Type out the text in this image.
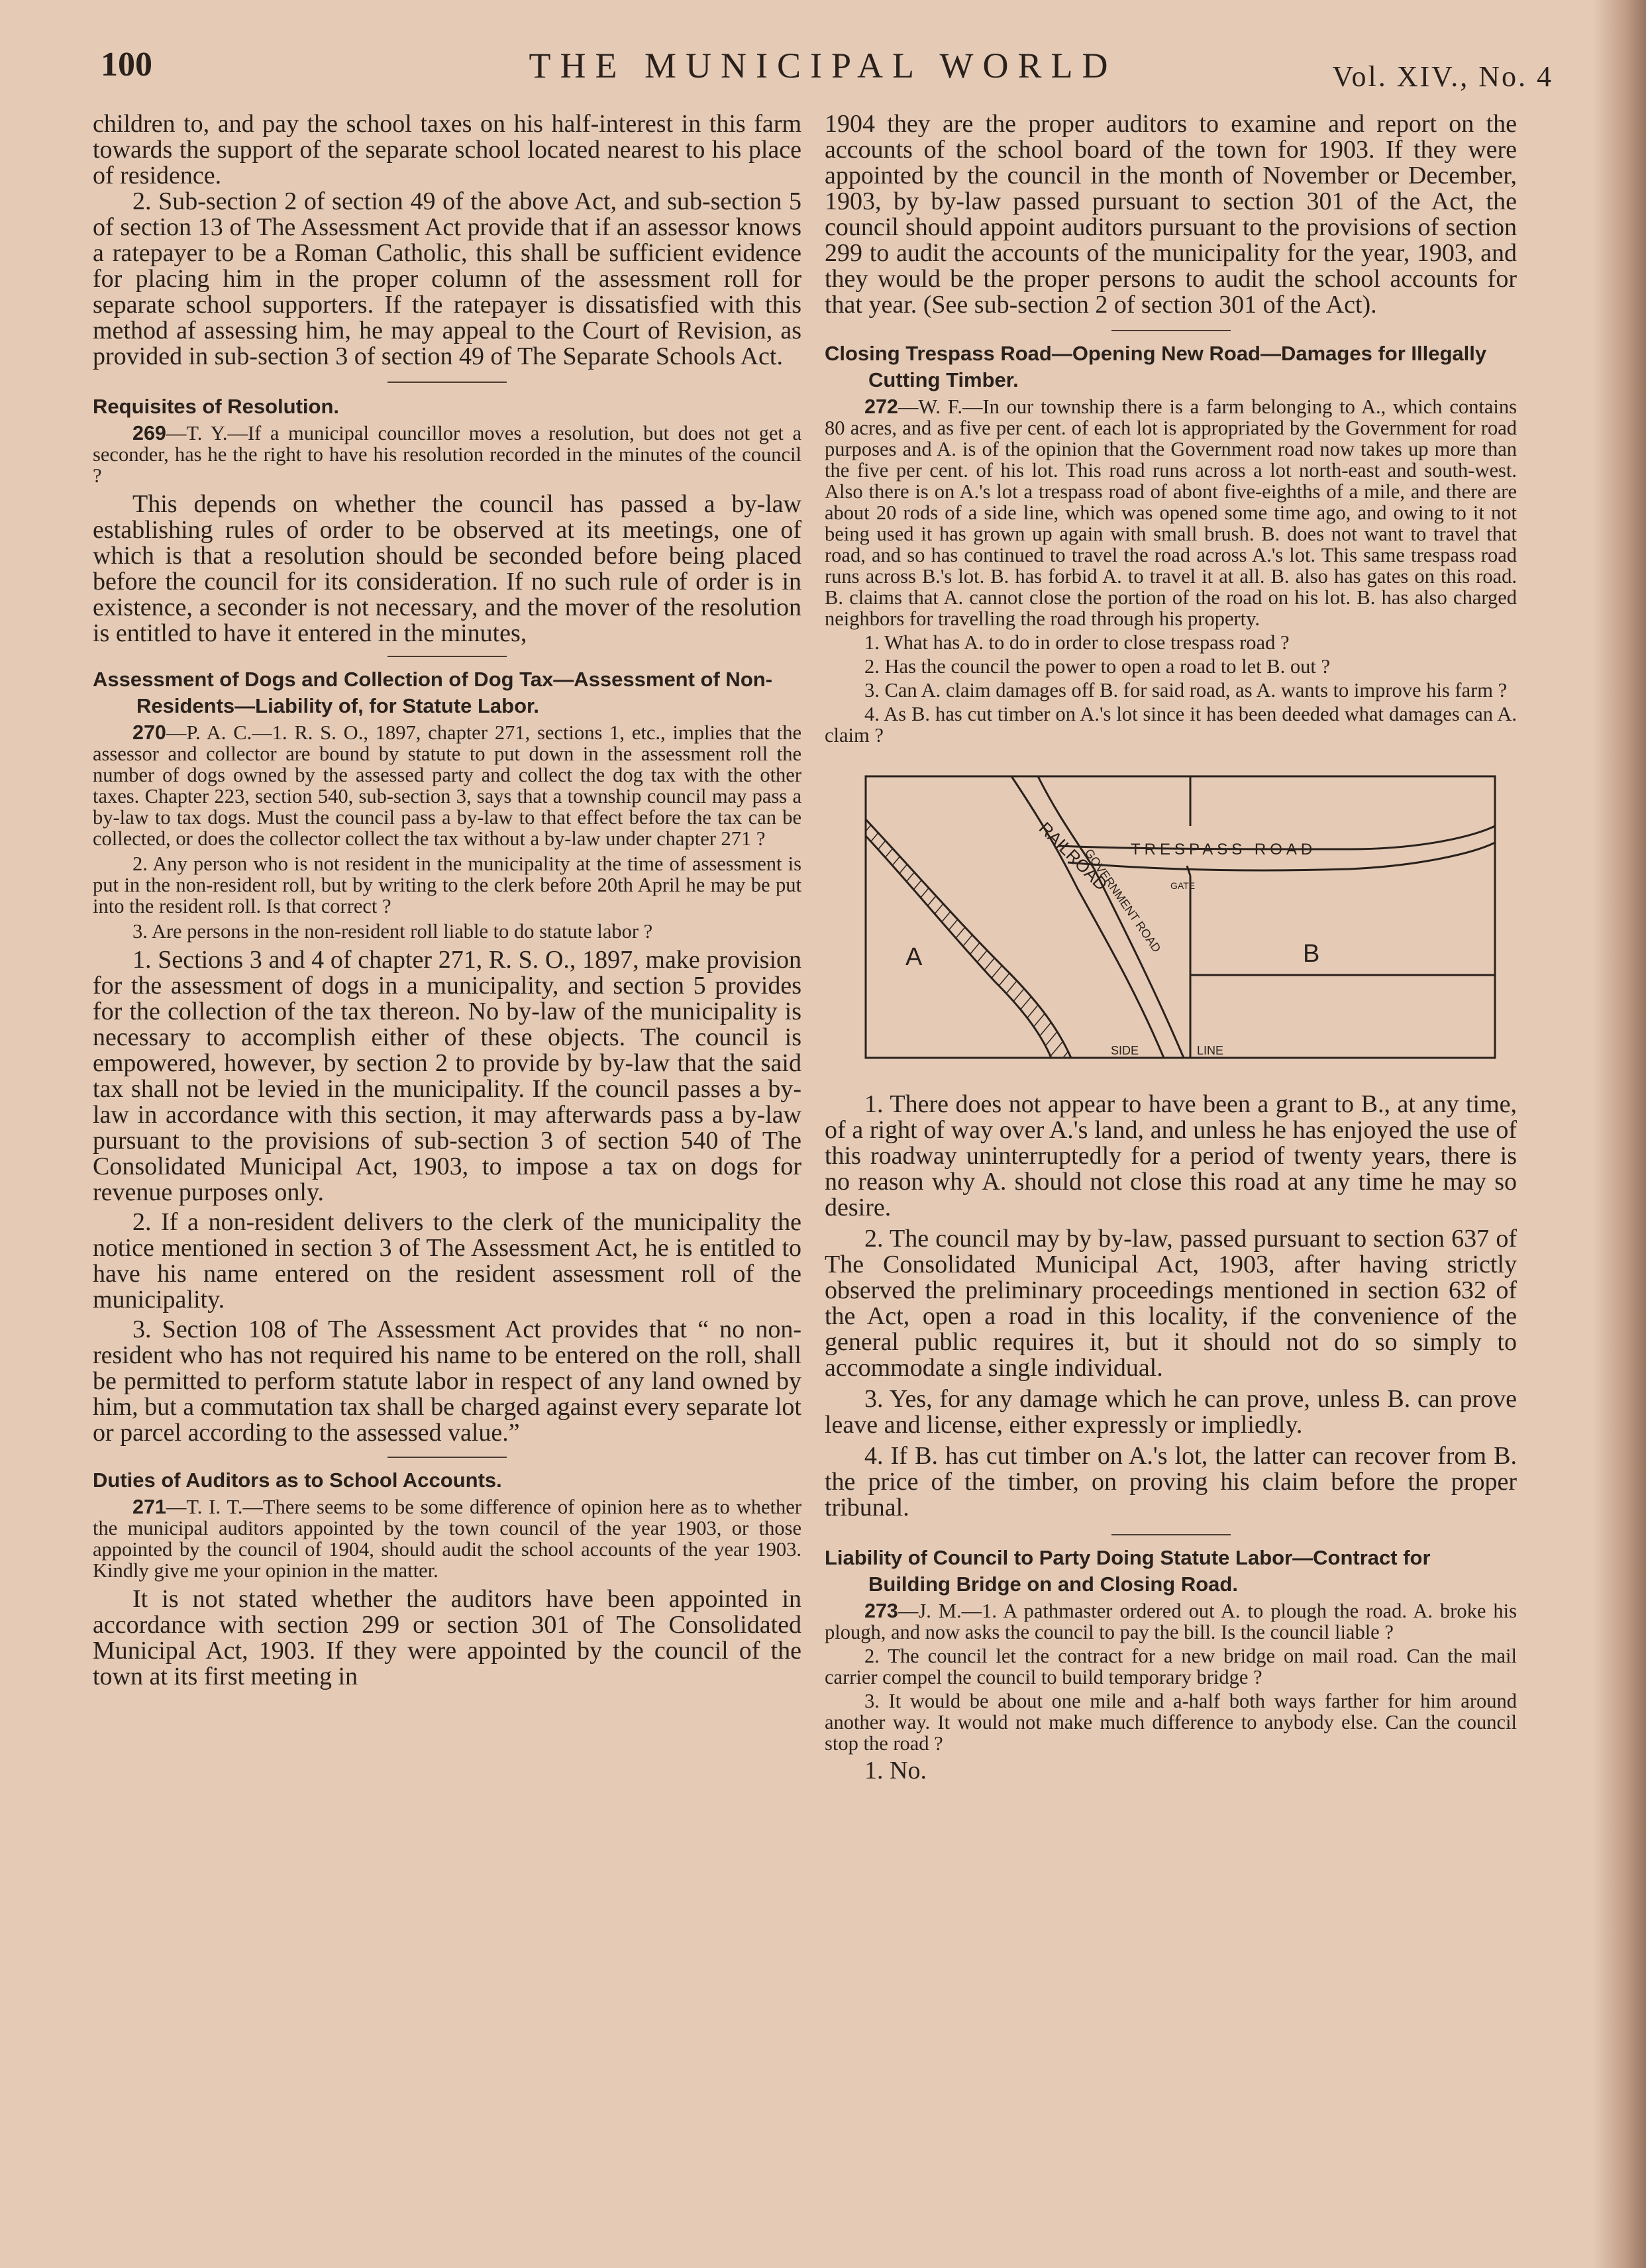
100	THE MUNICIPAL WORLD	Vol. XIV., No. 4

children to, and pay the school taxes on his half-interest in this farm towards the support of the separate school located nearest to his place of residence.

2. Sub-section 2 of section 49 of the above Act, and sub-section 5 of section 13 of The Assessment Act provide that if an assessor knows a ratepayer to be a Roman Catholic, this shall be sufficient evidence for placing him in the proper column of the assessment roll for separate school supporters. If the ratepayer is dissatisfied with this method af assessing him, he may appeal to the Court of Revision, as provided in sub-section 3 of section 49 of The Separate Schools Act.

Requisites of Resolution.

269—T. Y.—If a municipal councillor moves a resolution, but does not get a seconder, has he the right to have his resolution recorded in the minutes of the council ?

This depends on whether the council has passed a by-law establishing rules of order to be observed at its meetings, one of which is that a resolution should be seconded before being placed before the council for its consideration. If no such rule of order is in existence, a seconder is not necessary, and the mover of the resolution is entitled to have it entered in the minutes,

Assessment of Dogs and Collection of Dog Tax—Assessment of Non-Residents—Liability of, for Statute Labor.

270—P. A. C.—1. R. S. O., 1897, chapter 271, sections 1, etc., implies that the assessor and collector are bound by statute to put down in the assessment roll the number of dogs owned by the assessed party and collect the dog tax with the other taxes. Chapter 223, section 540, sub-section 3, says that a township council may pass a by-law to tax dogs. Must the council pass a by-law to that effect before the tax can be collected, or does the collector collect the tax without a by-law under chapter 271 ?

2. Any person who is not resident in the municipality at the time of assessment is put in the non-resident roll, but by writing to the clerk before 20th April he may be put into the resident roll. Is that correct ?

3. Are persons in the non-resident roll liable to do statute labor ?

1. Sections 3 and 4 of chapter 271, R. S. O., 1897, make provision for the assessment of dogs in a municipality, and section 5 provides for the collection of the tax thereon. No by-law of the municipality is necessary to accomplish either of these objects. The council is empowered, however, by section 2 to provide by by-law that the said tax shall not be levied in the municipality. If the council passes a by-law in accordance with this section, it may afterwards pass a by-law pursuant to the provisions of sub-section 3 of section 540 of The Consolidated Municipal Act, 1903, to impose a tax on dogs for revenue purposes only.

2. If a non-resident delivers to the clerk of the municipality the notice mentioned in section 3 of The Assessment Act, he is entitled to have his name entered on the resident assessment roll of the municipality.

3. Section 108 of The Assessment Act provides that “ no non-resident who has not required his name to be entered on the roll, shall be permitted to perform statute labor in respect of any land owned by him, but a commutation tax shall be charged against every separate lot or parcel according to the assessed value.”

Duties of Auditors as to School Accounts.

271—T. I. T.—There seems to be some difference of opinion here as to whether the municipal auditors appointed by the town council of the year 1903, or those appointed by the council of 1904, should audit the school accounts of the year 1903. Kindly give me your opinion in the matter.

It is not stated whether the auditors have been appointed in accordance with section 299 or section 301 of The Consolidated Municipal Act, 1903. If they were appointed by the council of the town at its first meeting in

1904 they are the proper auditors to examine and report on the accounts of the school board of the town for 1903. If they were appointed by the council in the month of November or December, 1903, by by-law passed pursuant to section 301 of the Act, the council should appoint auditors pursuant to the provisions of section 299 to audit the accounts of the municipality for the year, 1903, and they would be the proper persons to audit the school accounts for that year. (See sub-section 2 of section 301 of the Act).

Closing Trespass Road—Opening New Road—Damages for Illegally Cutting Timber.

272—W. F.—In our township there is a farm belonging to A., which contains 80 acres, and as five per cent. of each lot is appropriated by the Government for road purposes and A. is of the opinion that the Government road now takes up more than the five per cent. of his lot. This road runs across a lot north-east and south-west. Also there is on A.'s lot a trespass road of abont five-eighths of a mile, and there are about 20 rods of a side line, which was opened some time ago, and owing to it not being used it has grown up again with small brush. B. does not want to travel that road, and so has continued to travel the road across A.'s lot. This same trespass road runs across B.'s lot. B. has forbid A. to travel it at all. B. also has gates on this road. B. claims that A. cannot close the portion of the road on his lot. B. has also charged neighbors for travelling the road through his property.

1. What has A. to do in order to close trespass road ?

2. Has the council the power to open a road to let B. out ?

3. Can A. claim damages off B. for said road, as A. wants to improve his farm ?

4. As B. has cut timber on A.'s lot since it has been deeded what damages can A. claim ?

RAILROAD
GOVERNMENT ROAD
TRESPASS ROAD
GATE
A	B
SIDE	LINE

1. There does not appear to have been a grant to B., at any time, of a right of way over A.'s land, and unless he has enjoyed the use of this roadway uninterruptedly for a period of twenty years, there is no reason why A. should not close this road at any time he may so desire.

2. The council may by by-law, passed pursuant to section 637 of The Consolidated Municipal Act, 1903, after having strictly observed the preliminary proceedings mentioned in section 632 of the Act, open a road in this locality, if the convenience of the general public requires it, but it should not do so simply to accommodate a single individual.

3. Yes, for any damage which he can prove, unless B. can prove leave and license, either expressly or impliedly.

4. If B. has cut timber on A.'s lot, the latter can recover from B. the price of the timber, on proving his claim before the proper tribunal.

Liability of Council to Party Doing Statute Labor—Contract for Building Bridge on and Closing Road.

273—J. M.—1. A pathmaster ordered out A. to plough the road. A. broke his plough, and now asks the council to pay the bill. Is the council liable ?

2. The council let the contract for a new bridge on mail road. Can the mail carrier compel the council to build temporary bridge ?

3. It would be about one mile and a-half both ways farther for him around another way. It would not make much difference to anybody else. Can the council stop the road ?

1. No.
